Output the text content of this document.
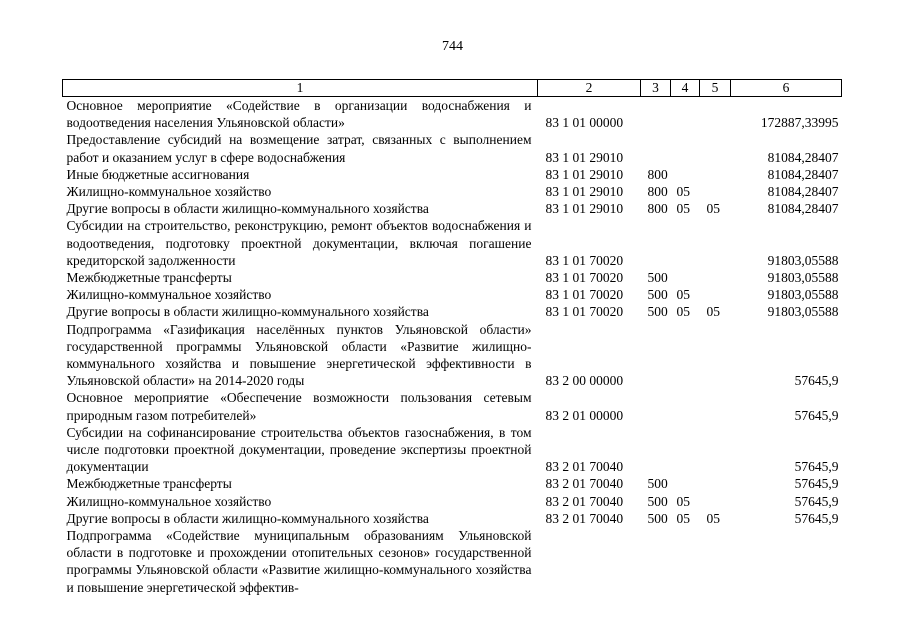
744
1	2	3	4	5	6
Основное мероприятие «Содействие в организации водоснабжения и водоотведения населения Ульяновской области»	83 1 01 00000				172887,33995
Предоставление субсидий на возмещение затрат, связанных с выполнением работ и оказанием услуг в сфере водоснабжения	83 1 01 29010				81084,28407
Иные бюджетные ассигнования	83 1 01 29010	800			81084,28407
Жилищно-коммунальное хозяйство	83 1 01 29010	800	05		81084,28407
Другие вопросы в области жилищно-коммунального хозяйства	83 1 01 29010	800	05	05	81084,28407
Субсидии на строительство, реконструкцию, ремонт объектов водоснабжения и водоотведения, подготовку проектной документации, включая погашение кредиторской задолженности	83 1 01 70020				91803,05588
Межбюджетные трансферты	83 1 01 70020	500			91803,05588
Жилищно-коммунальное хозяйство	83 1 01 70020	500	05		91803,05588
Другие вопросы в области жилищно-коммунального хозяйства	83 1 01 70020	500	05	05	91803,05588
Подпрограмма «Газификация населённых пунктов Ульяновской области» государственной программы Ульяновской области «Развитие жилищно-коммунального хозяйства и повышение энергетической эффективности в Ульяновской области» на 2014-2020 годы	83 2 00 00000				57645,9
Основное мероприятие «Обеспечение возможности пользования сетевым природным газом потребителей»	83 2 01 00000				57645,9
Субсидии на софинансирование строительства объектов газоснабжения, в том числе подготовки проектной документации, проведение экспертизы проектной документации	83 2 01 70040				57645,9
Межбюджетные трансферты	83 2 01 70040	500			57645,9
Жилищно-коммунальное хозяйство	83 2 01 70040	500	05		57645,9
Другие вопросы в области жилищно-коммунального хозяйства	83 2 01 70040	500	05	05	57645,9
Подпрограмма «Содействие муниципальным образованиям Ульяновской области в подготовке и прохождении отопительных сезонов» государственной программы Ульяновской области «Развитие жилищно-коммунального хозяйства и повышение энергетической эффектив-					
